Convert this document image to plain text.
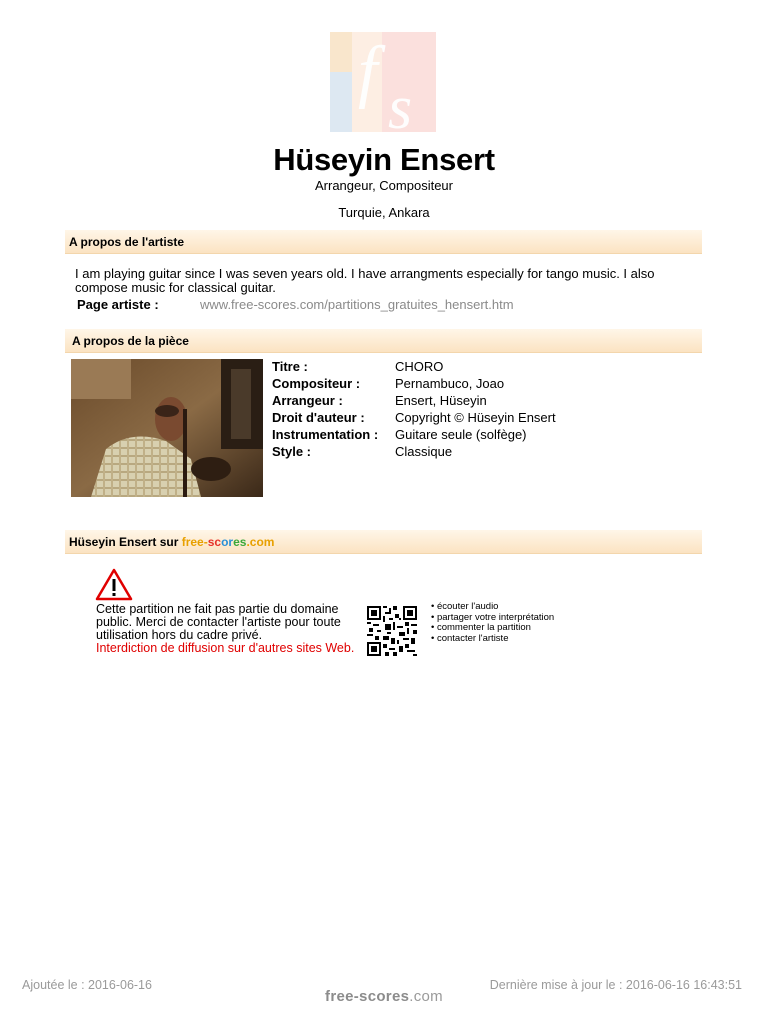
f s
Hüseyin Ensert
Arrangeur, Compositeur
Turquie, Ankara
A propos de l'artiste
I am playing guitar since I was seven years old. I have arrangments especially for tango music. I also compose music for classical guitar.
Page artiste :	www.free-scores.com/partitions_gratuites_hensert.htm
A propos de la pièce
Titre :	CHORO
Compositeur :	Pernambuco, Joao
Arrangeur :	Ensert, Hüseyin
Droit d'auteur : Copyright © Hüseyin Ensert
Instrumentation : Guitare seule (solfège)
Style :	Classique
Hüseyin Ensert sur free-scores.com
Cette partition ne fait pas partie du domaine public. Merci de contacter l'artiste pour toute utilisation hors du cadre privé.
Interdiction de diffusion sur d'autres sites Web.
• écouter l'audio
• partager votre interprétation
• commenter la partition
• contacter l'artiste
Ajoutée le : 2016-06-16	Dernière mise à jour le : 2016-06-16 16:43:51
free-scores.com
